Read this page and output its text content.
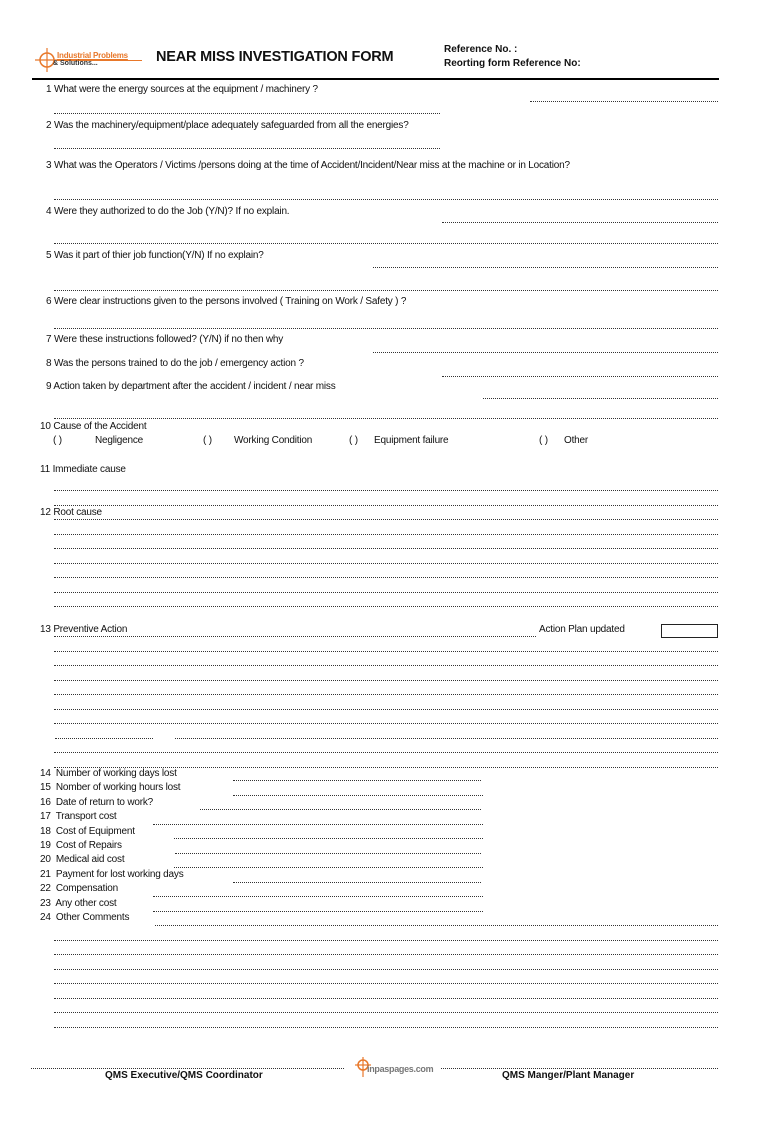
Industrial Problems
& Solutions...	NEAR MISS INVESTIGATION FORM	Reference No. :
Reorting form Reference No:
1 What were the energy sources at the equipment / machinery ?
2 Was the machinery/equipment/place adequately safeguarded from all the energies?
3 What was the Operators / Victims /persons doing at the time of Accident/Incident/Near miss at the machine or in Location?
4 Were they authorized to do the Job (Y/N)? If no explain.
5 Was it part of thier job function(Y/N) If no explain?
6 Were clear instructions given to the persons involved ( Training on Work / Safety ) ?
7 Were these instructions followed? (Y/N) if no then why
8 Was the persons trained to do the job / emergency action ?
9 Action taken by department after the accident / incident / near miss
10 Cause of the Accident
( )	Negligence	( ) Working Condition	( ) Equipment failure	( ) Other
11 Immediate cause
12 Root cause
13 Preventive Action	Action Plan updated
14 Number of working days lost
15 Nomber of working hours lost
16 Date of return to work?
17 Transport cost
18 Cost of Equipment
19 Cost of Repairs
20 Medical aid cost
21 Payment for lost working days
22 Compensation
23 Any other cost
24 Other Comments
QMS Executive/QMS Coordinator	QMS Manger/Plant Manager
inpaspages.com
